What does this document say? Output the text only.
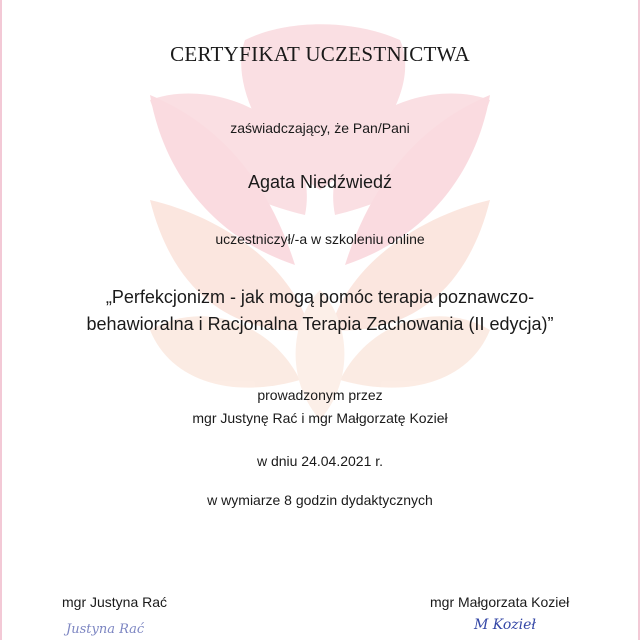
CERTYFIKAT UCZESTNICTWA
zaświadczający, że Pan/Pani
Agata Niedźwiedź
uczestniczył/-a w szkoleniu online
„Perfekcjonizm - jak mogą pomóc terapia poznawczo-
behawioralna i Racjonalna Terapia Zachowania (II edycja)”
prowadzonym przez
mgr Justynę Rać i mgr Małgorzatę Kozieł
w dniu 24.04.2021 r.
w wymiarze 8 godzin dydaktycznych
mgr Justyna Rać	mgr Małgorzata Kozieł
Justyna Rać	M Kozieł
